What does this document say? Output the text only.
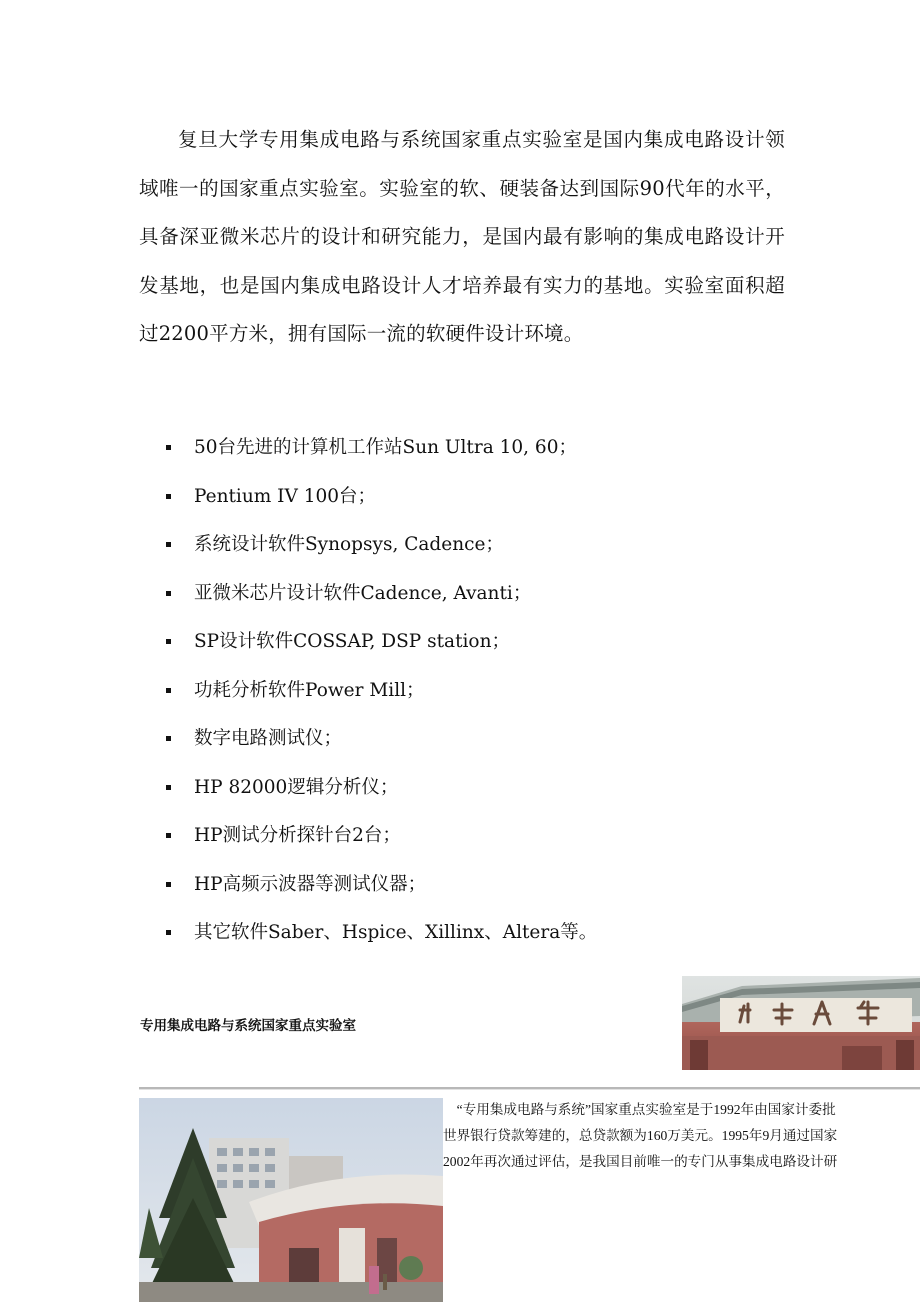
复旦大学专用集成电路与系统国家重点实验室是国内集成电路设计领域唯一的国家重点实验室。实验室的软、硬装备达到国际90代年的水平，具备深亚微米芯片的设计和研究能力，是国内最有影响的集成电路设计开发基地，也是国内集成电路设计人才培养最有实力的基地。实验室面积超过2200平方米，拥有国际一流的软硬件设计环境。

50台先进的计算机工作站Sun Ultra 10, 60；
Pentium IV 100台；
系统设计软件Synopsys, Cadence；
亚微米芯片设计软件Cadence, Avanti；
SP设计软件COSSAP, DSP station；
功耗分析软件Power Mill；
数字电路测试仪；
HP 82000逻辑分析仪；
HP测试分析探针台2台；
HP高频示波器等测试仪器；
其它软件Saber、Hspice、Xillinx、Altera等。
专用集成电路与系统国家重点实验室	復旦大學

“专用集成电路与系统”国家重点实验室是于1992年由国家计委批
世界银行贷款筹建的，总贷款额为160万美元。1995年9月通过国家
2002年再次通过评估，是我国目前唯一的专门从事集成电路设计研
